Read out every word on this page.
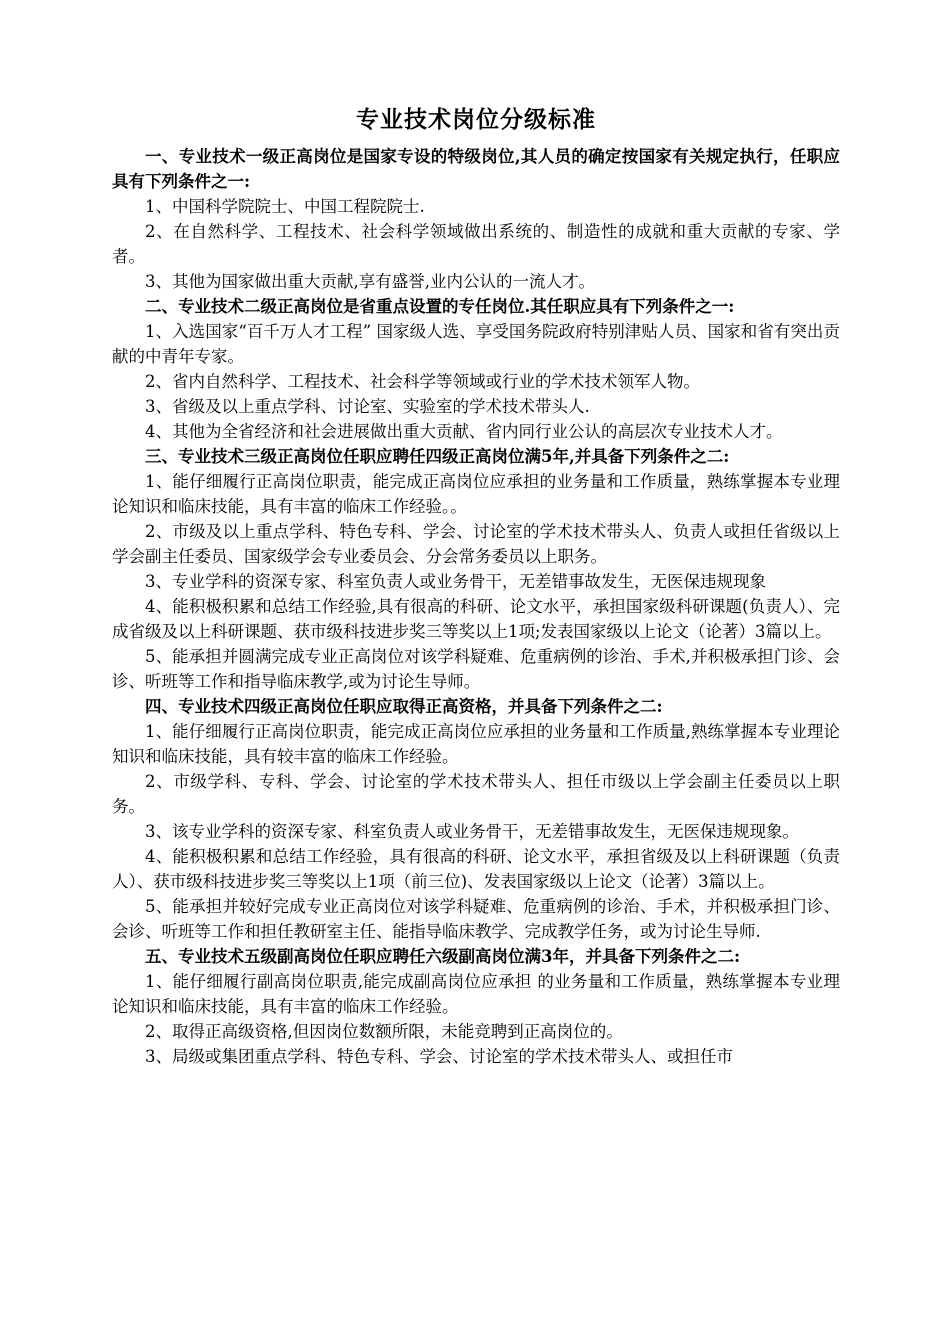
专业技术岗位分级标准

一、专业技术一级正高岗位是国家专设的特级岗位,其人员的确定按国家有关规定执行，任职应具有下列条件之一:

1、中国科学院院士、中国工程院院士.

2、在自然科学、工程技术、社会科学领域做出系统的、制造性的成就和重大贡献的专家、学者。

3、其他为国家做出重大贡献,享有盛誉,业内公认的一流人才。

二、专业技术二级正高岗位是省重点设置的专任岗位.其任职应具有下列条件之一:

1、入选国家“百千万人才工程” 国家级人选、享受国务院政府特别津贴人员、国家和省有突出贡献的中青年专家。

2、省内自然科学、工程技术、社会科学等领域或行业的学术技术领军人物。

3、省级及以上重点学科、讨论室、实验室的学术技术带头人.

4、其他为全省经济和社会进展做出重大贡献、省内同行业公认的高层次专业技术人才。

三、专业技术三级正高岗位任职应聘任四级正高岗位满5年,并具备下列条件之二:

1、能仔细履行正高岗位职责，能完成正高岗位应承担的业务量和工作质量，熟练掌握本专业理论知识和临床技能，具有丰富的临床工作经验。。

2、市级及以上重点学科、特色专科、学会、讨论室的学术技术带头人、负责人或担任省级以上学会副主任委员、国家级学会专业委员会、分会常务委员以上职务。

3、专业学科的资深专家、科室负责人或业务骨干，无差错事故发生，无医保违规现象

4、能积极积累和总结工作经验,具有很高的科研、论文水平，承担国家级科研课题(负责人）、完成省级及以上科研课题、获市级科技进步奖三等奖以上1项;发表国家级以上论文（论著）3篇以上。

5、能承担并圆满完成专业正高岗位对该学科疑难、危重病例的诊治、手术,并积极承担门诊、会诊、听班等工作和指导临床教学,或为讨论生导师。

四、专业技术四级正高岗位任职应取得正高资格，并具备下列条件之二:

1、能仔细履行正高岗位职责，能完成正高岗位应承担的业务量和工作质量,熟练掌握本专业理论知识和临床技能，具有较丰富的临床工作经验。

2、市级学科、专科、学会、讨论室的学术技术带头人、担任市级以上学会副主任委员以上职务。

3、该专业学科的资深专家、科室负责人或业务骨干，无差错事故发生，无医保违规现象。

4、能积极积累和总结工作经验，具有很高的科研、论文水平，承担省级及以上科研课题（负责人）、获市级科技进步奖三等奖以上1项（前三位)、发表国家级以上论文（论著）3篇以上。

5、能承担并较好完成专业正高岗位对该学科疑难、危重病例的诊治、手术，并积极承担门诊、会诊、听班等工作和担任教研室主任、能指导临床教学、完成教学任务，或为讨论生导师.

五、专业技术五级副高岗位任职应聘任六级副高岗位满3年，并具备下列条件之二:

1、能仔细履行副高岗位职责,能完成副高岗位应承担 的业务量和工作质量，熟练掌握本专业理论知识和临床技能，具有丰富的临床工作经验。

2、取得正高级资格,但因岗位数额所限，未能竞聘到正高岗位的。

3、局级或集团重点学科、特色专科、学会、讨论室的学术技术带头人、或担任市
